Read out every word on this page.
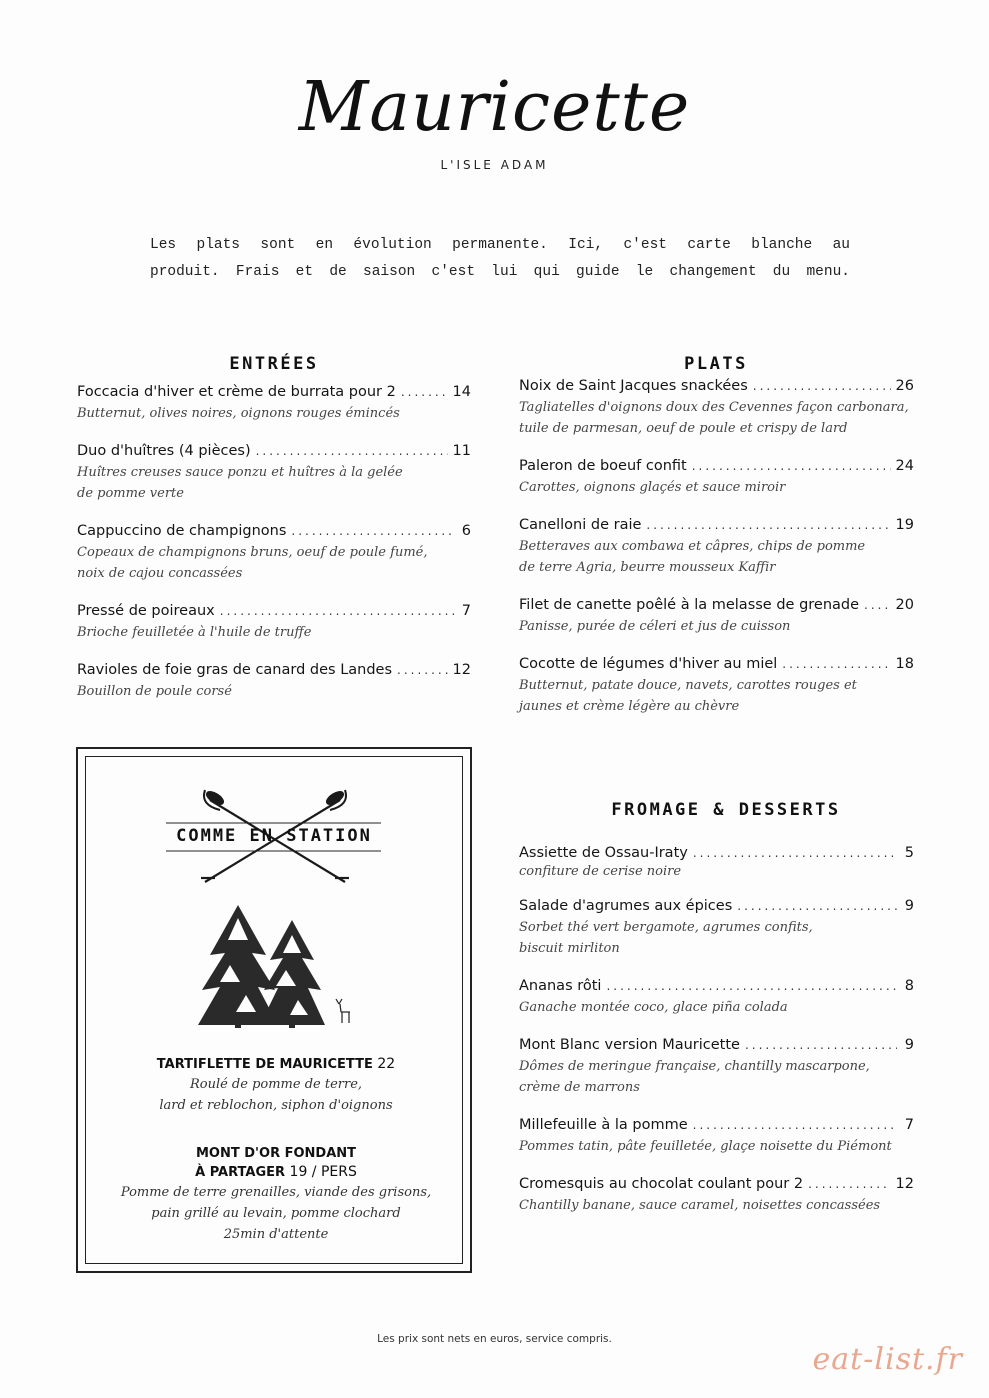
Mauricette
L'ISLE ADAM
Les plats sont en évolution permanente. Ici, c'est carte blanche au
produit. Frais et de saison c'est lui qui guide le changement du menu.
ENTRÉES
Foccacia d'hiver et crème de burrata pour 2 .....	14
Butternut, olives noires, oignons rouges émincés
Duo d'huîtres (4 pièces) .....	11
Huîtres creuses sauce ponzu et huîtres à la gelée
de pomme verte
Cappuccino de champignons .....	6
Copeaux de champignons bruns, oeuf de poule fumé,
noix de cajou concassées
Pressé de poireaux .....	7
Brioche feuilletée à l'huile de truffe
Ravioles de foie gras de canard des Landes .....	12
Bouillon de poule corsé
PLATS
Noix de Saint Jacques snackées .....	26
Tagliatelles d'oignons doux des Cevennes façon carbonara,
tuile de parmesan, oeuf de poule et crispy de lard
Paleron de boeuf confit .....	24
Carottes, oignons glaçés et sauce miroir
Canelloni de raie .....	19
Betteraves aux combawa et câpres, chips de pomme
de terre Agria, beurre mousseux Kaffir
Filet de canette poêlé à la melasse de grenade .....	20
Panisse, purée de céleri et jus de cuisson
Cocotte de légumes d'hiver au miel .....	18
Butternut, patate douce, navets, carottes rouges et
jaunes et crème légère au chèvre
FROMAGE & DESSERTS
Assiette de Ossau-Iraty .....	5
confiture de cerise noire
Salade d'agrumes aux épices .....	9
Sorbet thé vert bergamote, agrumes confits,
biscuit mirliton
Ananas rôti .....	8
Ganache montée coco, glace piña colada
Mont Blanc version Mauricette .....	9
Dômes de meringue française, chantilly mascarpone,
crème de marrons
Millefeuille à la pomme .....	7
Pommes tatin, pâte feuilletée, glaçe noisette du Piémont
Cromesquis au chocolat coulant pour 2 .....	12
Chantilly banane, sauce caramel, noisettes concassées
COMME EN STATION
TARTIFLETTE DE MAURICETTE 22
Roulé de pomme de terre,
lard et reblochon, siphon d'oignons
MONT D'OR FONDANT
À PARTAGER 19 / PERS
Pomme de terre grenailles, viande des grisons,
pain grillé au levain, pomme clochard
25min d'attente
Les prix sont nets en euros, service compris.
eat-list.fr
